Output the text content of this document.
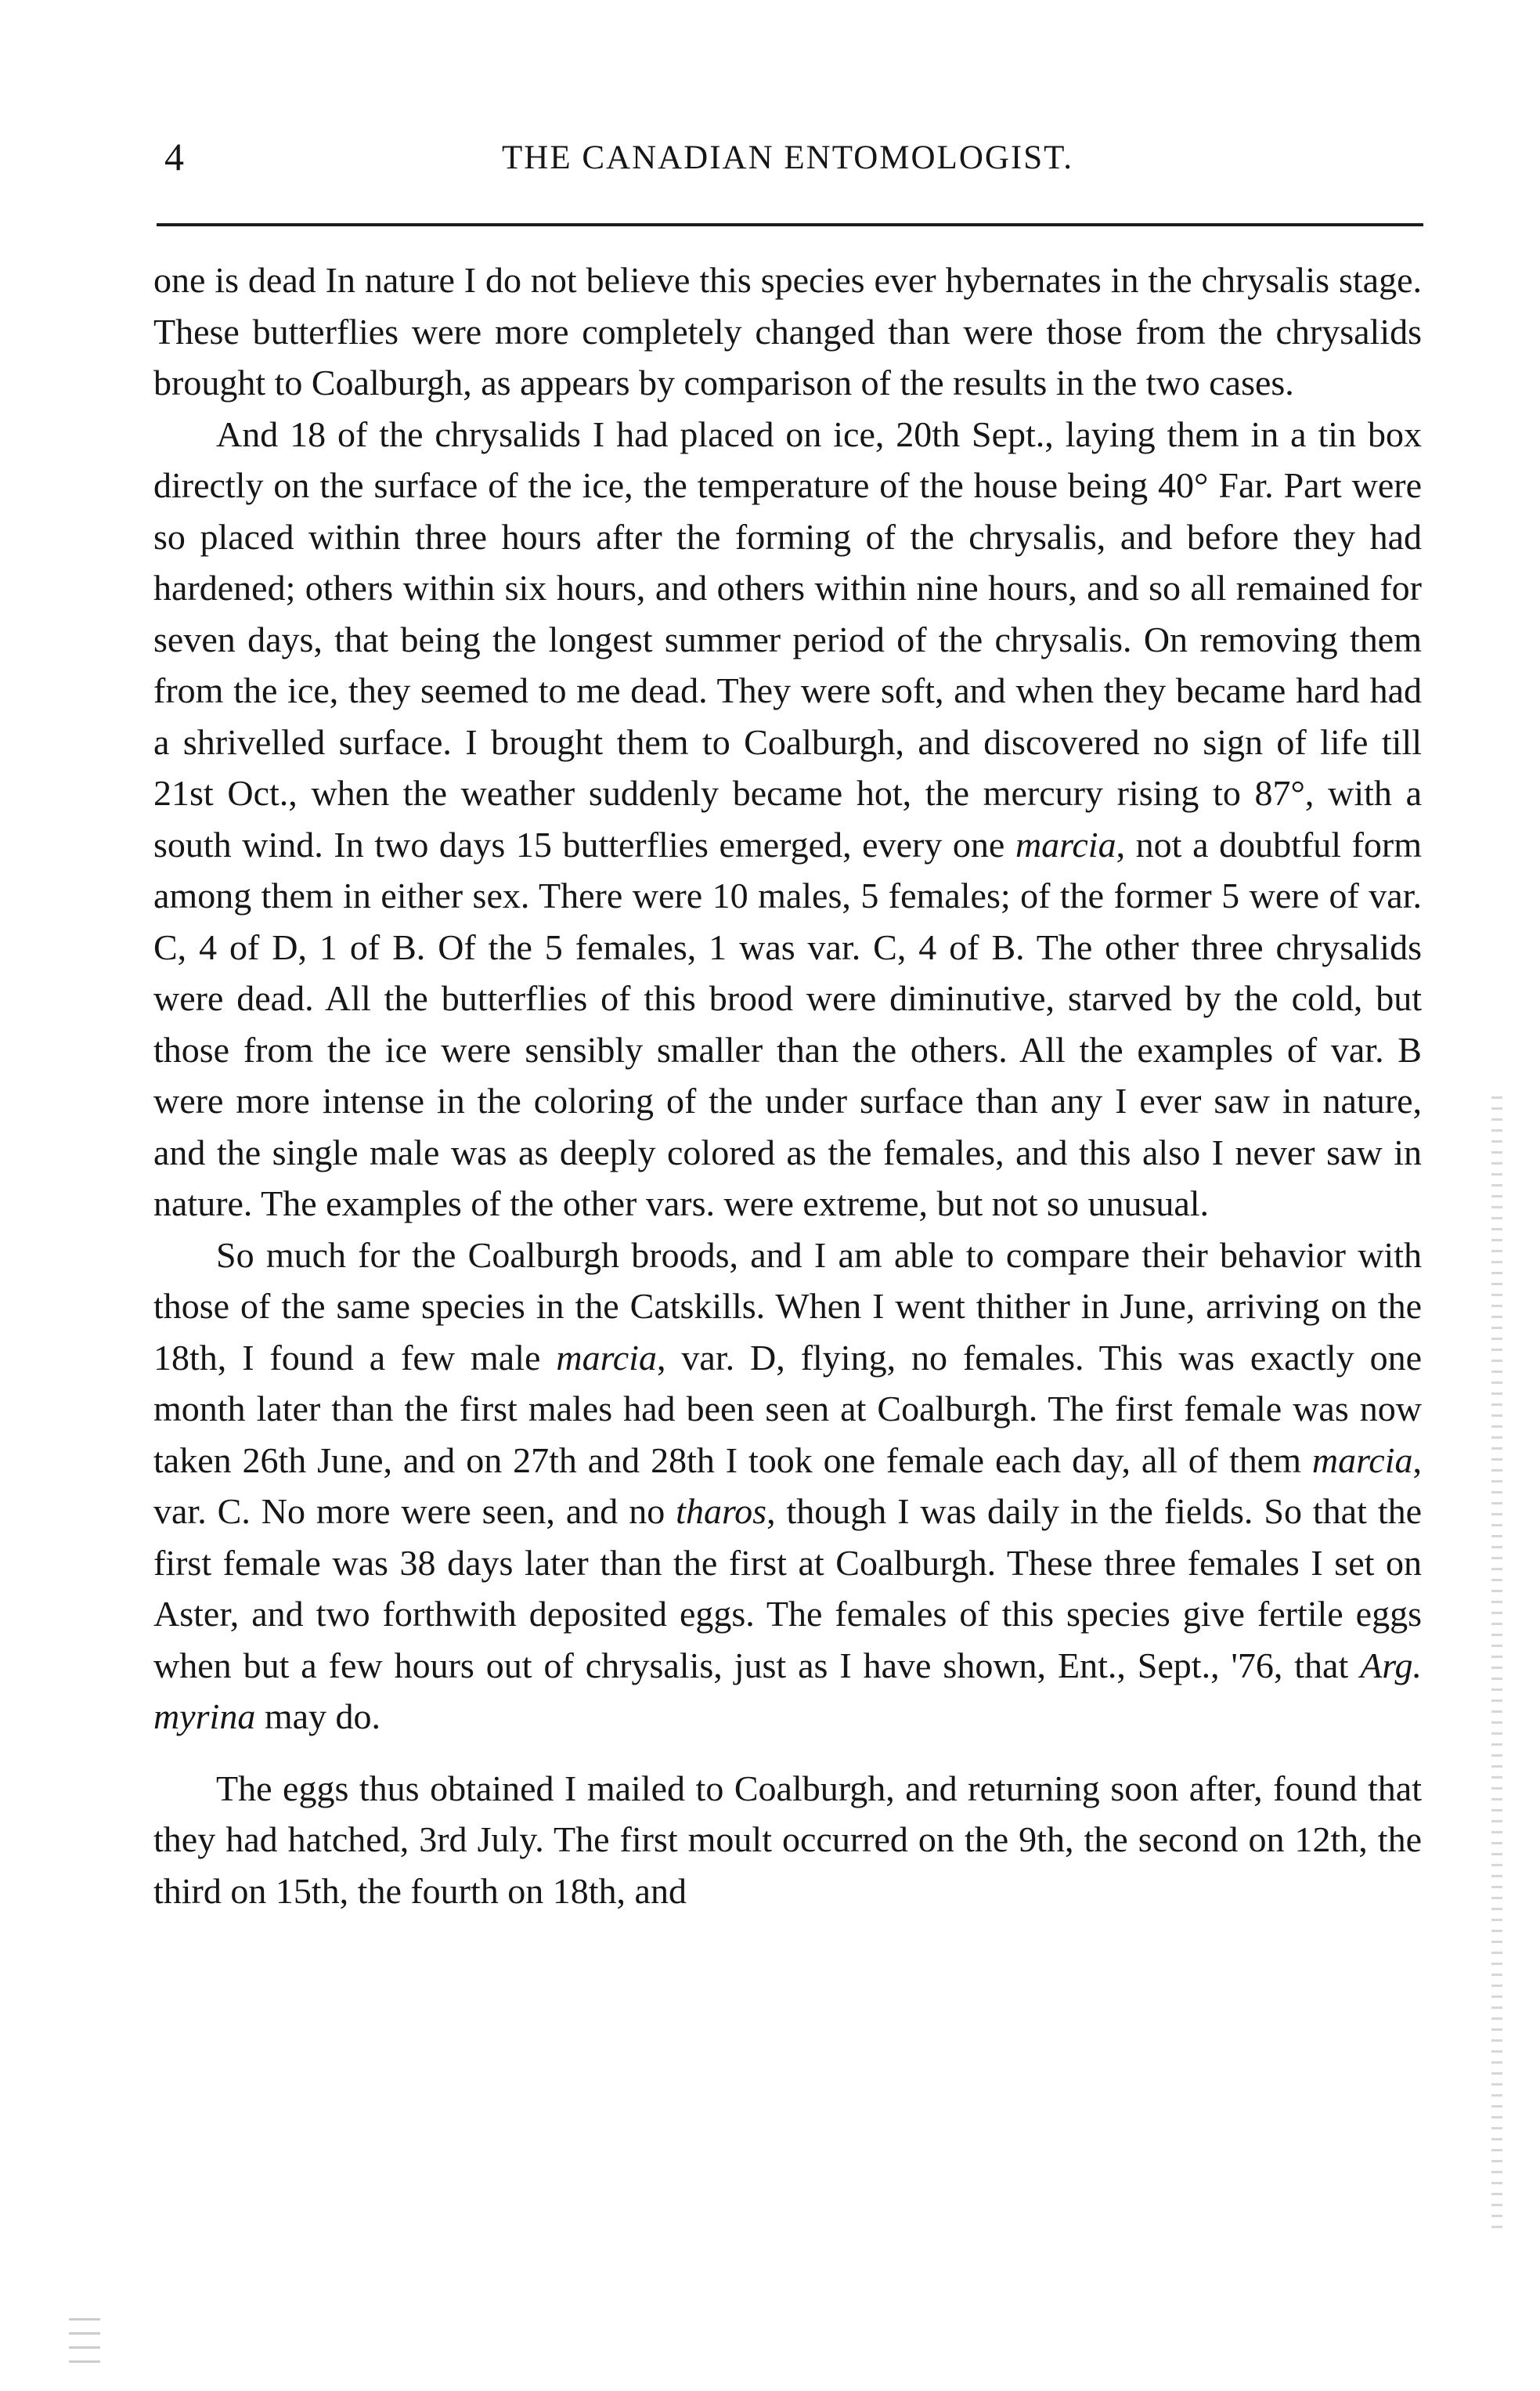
4	THE CANADIAN ENTOMOLOGIST.

one is dead In nature I do not believe this species ever hybernates in the chrysalis stage. These butterflies were more completely changed than were those from the chrysalids brought to Coalburgh, as appears by comparison of the results in the two cases.

And 18 of the chrysalids I had placed on ice, 20th Sept., laying them in a tin box directly on the surface of the ice, the temperature of the house being 40° Far. Part were so placed within three hours after the forming of the chrysalis, and before they had hardened; others within six hours, and others within nine hours, and so all remained for seven days, that being the longest summer period of the chrysalis. On removing them from the ice, they seemed to me dead. They were soft, and when they became hard had a shrivelled surface. I brought them to Coalburgh, and discovered no sign of life till 21st Oct., when the weather suddenly became hot, the mercury rising to 87°, with a south wind. In two days 15 butterflies emerged, every one marcia, not a doubtful form among them in either sex. There were 10 males, 5 females; of the former 5 were of var. C, 4 of D, 1 of B. Of the 5 females, 1 was var. C, 4 of B. The other three chrysalids were dead. All the butterflies of this brood were diminutive, starved by the cold, but those from the ice were sensibly smaller than the others. All the examples of var. B were more intense in the coloring of the under surface than any I ever saw in nature, and the single male was as deeply colored as the females, and this also I never saw in nature. The examples of the other vars. were extreme, but not so unusual.

So much for the Coalburgh broods, and I am able to compare their behavior with those of the same species in the Catskills. When I went thither in June, arriving on the 18th, I found a few male marcia, var. D, flying, no females. This was exactly one month later than the first males had been seen at Coalburgh. The first female was now taken 26th June, and on 27th and 28th I took one female each day, all of them marcia, var. C. No more were seen, and no tharos, though I was daily in the fields. So that the first female was 38 days later than the first at Coalburgh. These three females I set on Aster, and two forthwith deposited eggs. The females of this species give fertile eggs when but a few hours out of chrysalis, just as I have shown, Ent., Sept., '76, that Arg. myrina may do.

The eggs thus obtained I mailed to Coalburgh, and returning soon after, found that they had hatched, 3rd July. The first moult occurred on the 9th, the second on 12th, the third on 15th, the fourth on 18th, and
